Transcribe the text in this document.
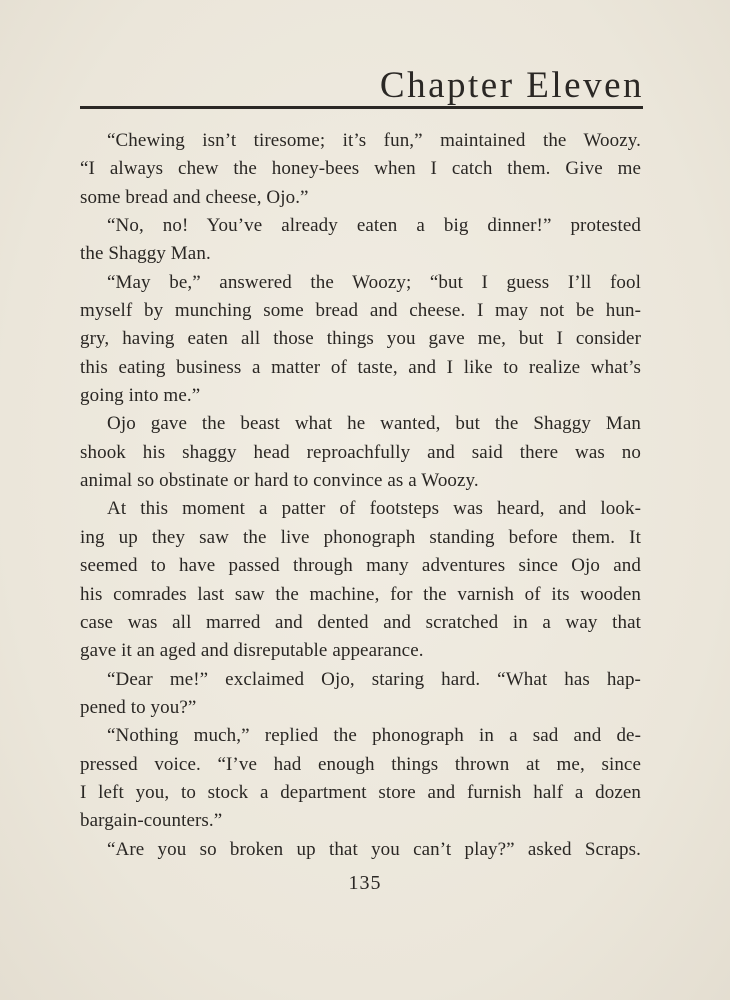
Chapter Eleven
“Chewing isn’t tiresome; it’s fun,” maintained the Woozy.
“I always chew the honey-bees when I catch them. Give me
some bread and cheese, Ojo.”
“No, no! You’ve already eaten a big dinner!” protested
the Shaggy Man.
“May be,” answered the Woozy; “but I guess I’ll fool
myself by munching some bread and cheese. I may not be hun-
gry, having eaten all those things you gave me, but I consider
this eating business a matter of taste, and I like to realize what’s
going into me.”
Ojo gave the beast what he wanted, but the Shaggy Man
shook his shaggy head reproachfully and said there was no
animal so obstinate or hard to convince as a Woozy.
At this moment a patter of footsteps was heard, and look-
ing up they saw the live phonograph standing before them. It
seemed to have passed through many adventures since Ojo and
his comrades last saw the machine, for the varnish of its wooden
case was all marred and dented and scratched in a way that
gave it an aged and disreputable appearance.
“Dear me!” exclaimed Ojo, staring hard. “What has hap-
pened to you?”
“Nothing much,” replied the phonograph in a sad and de-
pressed voice. “I’ve had enough things thrown at me, since
I left you, to stock a department store and furnish half a dozen
bargain-counters.”
“Are you so broken up that you can’t play?” asked Scraps.
135
